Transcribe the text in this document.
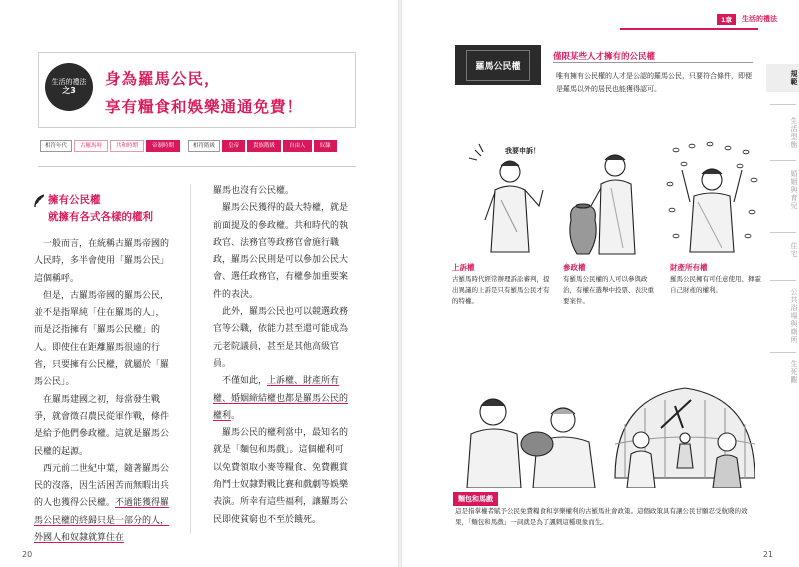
生活的禮法
之3
身為羅馬公民，
享有糧食和娛樂通通免費！
相符年代	古羅馬時	共和時期	帝制時期	相符階級	皇帝	貴族階級	自由人	奴隸
擁有公民權
就擁有各式各樣的權利

一般而言，在統稱古羅馬帝國的人民時，多半會使用「羅馬公民」這個稱呼。

但是，古羅馬帝國的羅馬公民，並不是指單純「住在羅馬的人」，而是泛指擁有「羅馬公民權」的人。即使住在距離羅馬很遠的行省，只要擁有公民權，就屬於「羅馬公民」。

在羅馬建國之初，每當發生戰爭，就會徵召農民從軍作戰，條件是給予他們參政權。這就是羅馬公民權的起源。

西元前二世紀中葉，隨著羅馬公民的沒落，因生活困苦而無暇出兵的人也獲得公民權。不過能獲得羅馬公民權的終歸只是一部分的人，外國人和奴隸就算住在

羅馬也沒有公民權。

羅馬公民獲得的最大特權，就是前面提及的參政權。共和時代的執政官、法務官等政務官會施行職政，羅馬公民則是可以參加公民大會、選任政務官，有權參加重要案件的表決。

此外，羅馬公民也可以競選政務官等公職，依能力甚至還可能成為元老院議員，甚至是其他高級官員。

不僅如此，上訴權、財產所有權、婚姻締結權也都是羅馬公民的權利。

羅馬公民的權利當中，最知名的就是「麵包和馬戲」。這個權利可以免費領取小麥等糧食、免費觀賞角鬥士奴隸對戰比賽和戲劇等娛樂表演。所幸有這些福利，讓羅馬公民即使貧窮也不至於餓死。

20
1章	生活的禮法
規範
生活型態
婚姻與育兒
住宅
公共浴場與廁所
生死觀
羅馬公民權
僅限某些人才擁有的公民權
唯有擁有公民權的人才是公認的羅馬公民，只要符合條件，即便是羅馬以外的居民也能獲得認可。
我要申訴！
上訴權
古羅馬時代經常辦理訴訟審判，提出異議的上訴是只有羅馬公民才有的特權。
參政權
有羅馬公民權的人可以參與政治，有權在選舉中投票、表決重要案件。
財產所有權
羅馬公民擁有可任意使用、揮霍自己財產的權利。
麵包和馬戲
這是指掌權者賦予公民免費糧食和享樂權利的古羅馬社會政策。這個政策具有讓公民甘願忍受航賤的效果，「麵包和馬戲」一詞就是為了諷刺這種現象而生。
21
